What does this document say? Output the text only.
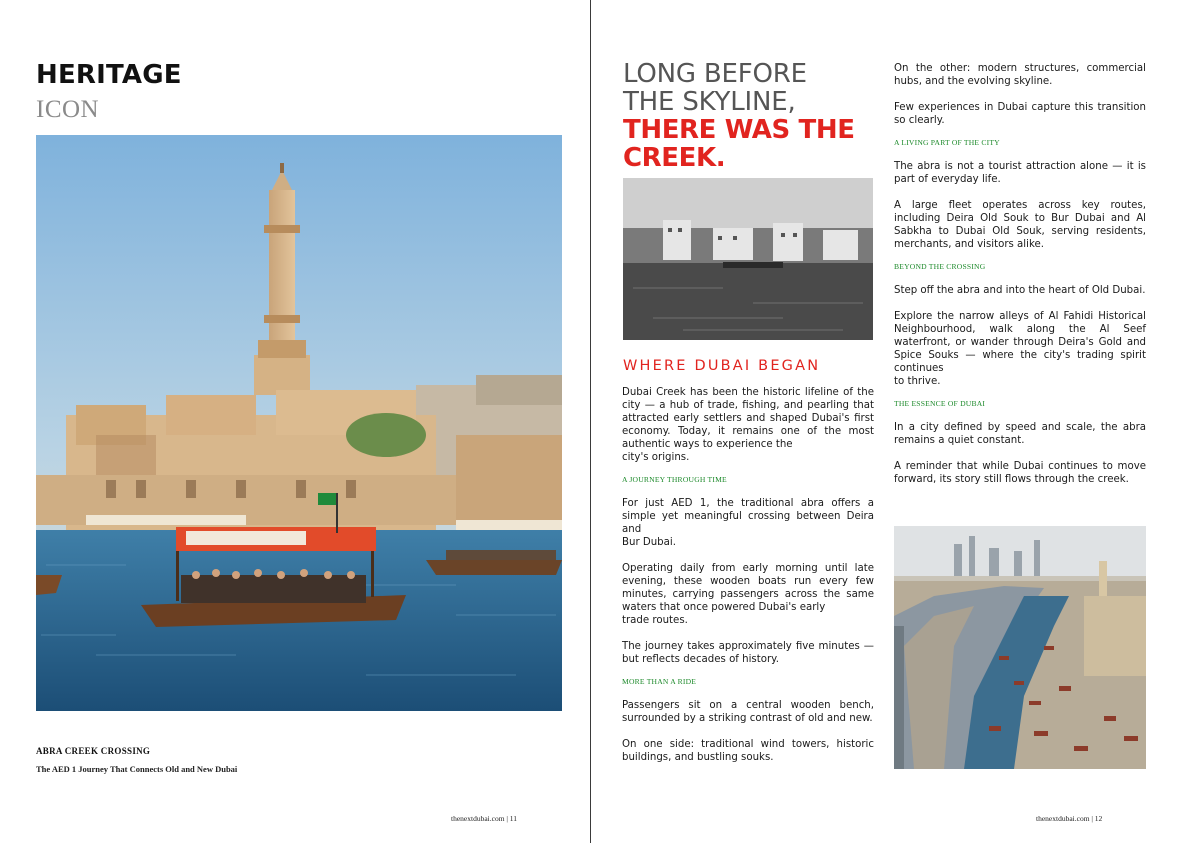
HERITAGE
ICON
ABRA CREEK CROSSING
The AED 1 Journey That Connects Old and New Dubai
thenextdubai.com | 11
LONG BEFORE
THE SKYLINE,
THERE WAS THE
CREEK.
WHERE DUBAI BEGAN

Dubai Creek has been the historic lifeline of the city — a hub of trade, fishing, and pearling that attracted early settlers and shaped Dubai's first economy. Today, it remains one of the most authentic ways to experience the
city's origins.

A JOURNEY THROUGH TIME

For just AED 1, the traditional abra offers a simple yet meaningful crossing between Deira and
Bur Dubai.

Operating daily from early morning until late evening, these wooden boats run every few minutes, carrying passengers across the same waters that once powered Dubai's early
trade routes.

The journey takes approximately five minutes — but reflects decades of history.

MORE THAN A RIDE

Passengers sit on a central wooden bench, surrounded by a striking contrast of old and new.

On one side: traditional wind towers, historic buildings, and bustling souks.

On the other: modern structures, commercial hubs, and the evolving skyline.

Few experiences in Dubai capture this transition so clearly.

A LIVING PART OF THE CITY

The abra is not a tourist attraction alone — it is part of everyday life.

A large fleet operates across key routes, including Deira Old Souk to Bur Dubai and Al Sabkha to Dubai Old Souk, serving residents, merchants, and visitors alike.

BEYOND THE CROSSING

Step off the abra and into the heart of Old Dubai.

Explore the narrow alleys of Al Fahidi Historical Neighbourhood, walk along the Al Seef waterfront, or wander through Deira's Gold and Spice Souks — where the city's trading spirit continues
to thrive.

THE ESSENCE OF DUBAI

In a city defined by speed and scale, the abra remains a quiet constant.

A reminder that while Dubai continues to move forward, its story still flows through the creek.

thenextdubai.com | 12
